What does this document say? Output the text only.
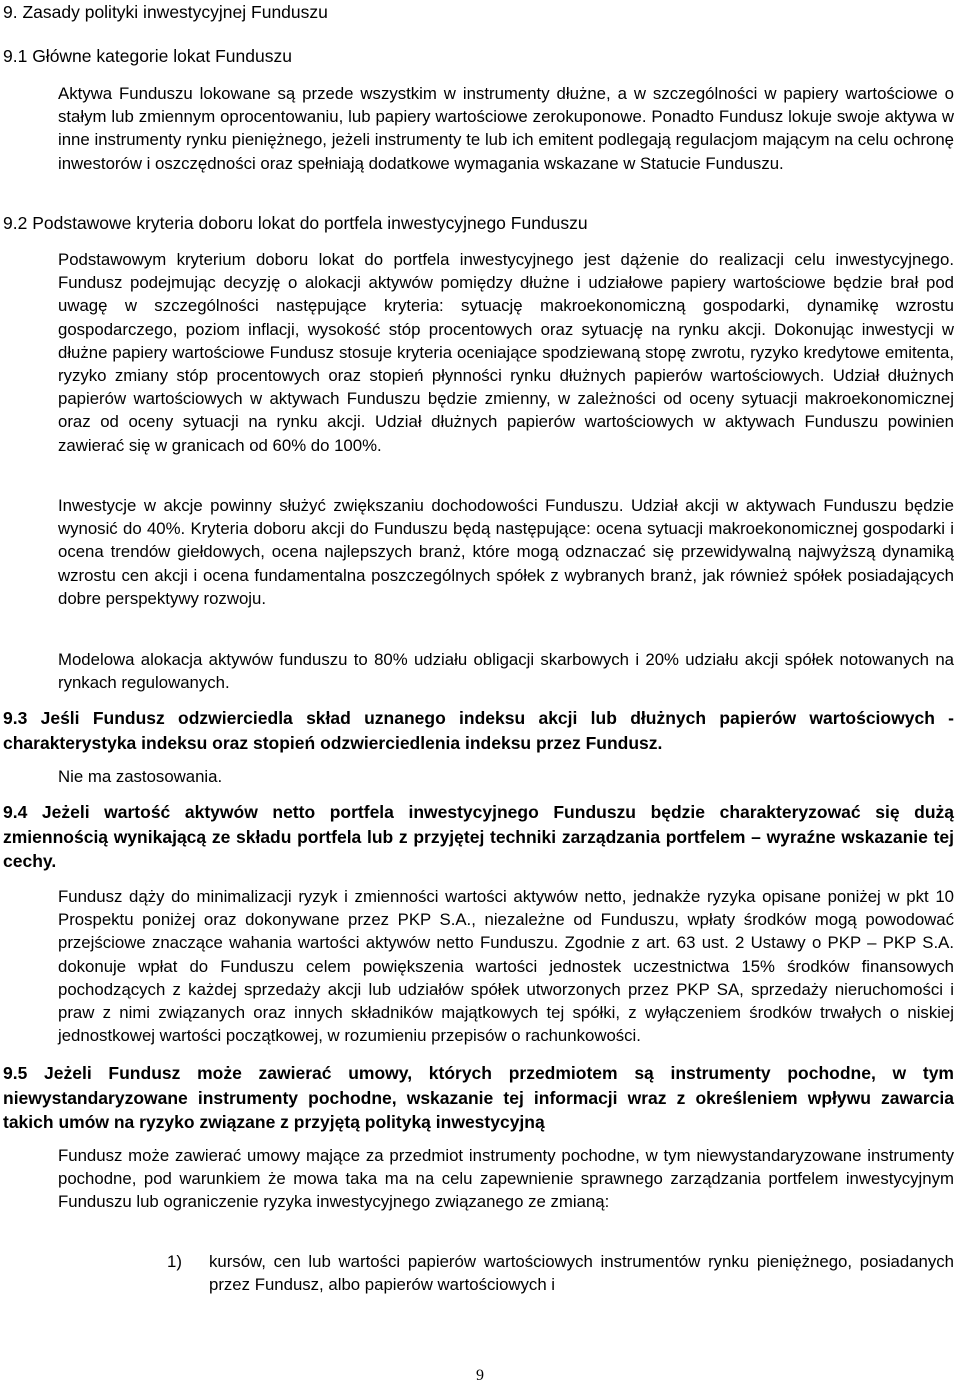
9. Zasady polityki inwestycyjnej Funduszu
9.1 Główne kategorie lokat Funduszu
Aktywa Funduszu lokowane są przede wszystkim w instrumenty dłużne, a w szczególności w papiery wartościowe o stałym lub zmiennym oprocentowaniu, lub papiery wartościowe zerokuponowe. Ponadto Fundusz lokuje swoje aktywa w inne instrumenty rynku pieniężnego, jeżeli instrumenty te lub ich emitent podlegają regulacjom mającym na celu ochronę inwestorów i oszczędności oraz spełniają dodatkowe wymagania wskazane w Statucie Funduszu.
9.2 Podstawowe kryteria doboru lokat do portfela inwestycyjnego Funduszu
Podstawowym kryterium doboru lokat do portfela inwestycyjnego jest dążenie do realizacji celu inwestycyjnego. Fundusz podejmując decyzję o alokacji aktywów pomiędzy dłużne i udziałowe papiery wartościowe będzie brał pod uwagę w szczególności następujące kryteria: sytuację makroekonomiczną gospodarki, dynamikę wzrostu gospodarczego, poziom inflacji, wysokość stóp procentowych oraz sytuację na rynku akcji. Dokonując inwestycji w dłużne papiery wartościowe Fundusz stosuje kryteria oceniające spodziewaną stopę zwrotu, ryzyko kredytowe emitenta, ryzyko zmiany stóp procentowych oraz stopień płynności rynku dłużnych papierów wartościowych. Udział dłużnych papierów wartościowych w aktywach Funduszu będzie zmienny, w zależności od oceny sytuacji makroekonomicznej oraz od oceny sytuacji na rynku akcji. Udział dłużnych papierów wartościowych w aktywach Funduszu powinien zawierać się w granicach od 60% do 100%.
Inwestycje w akcje powinny służyć zwiększaniu dochodowości Funduszu. Udział akcji w aktywach Funduszu będzie wynosić do 40%. Kryteria doboru akcji do Funduszu będą następujące: ocena sytuacji makroekonomicznej gospodarki i ocena trendów giełdowych, ocena najlepszych branż, które mogą odznaczać się przewidywalną najwyższą dynamiką wzrostu cen akcji i ocena fundamentalna poszczególnych spółek z wybranych branż, jak również spółek posiadających dobre perspektywy rozwoju.
Modelowa alokacja aktywów funduszu to 80% udziału obligacji skarbowych i 20% udziału akcji spółek notowanych na rynkach regulowanych.
9.3 Jeśli Fundusz odzwierciedla skład uznanego indeksu akcji lub dłużnych papierów wartościowych - charakterystyka indeksu oraz stopień odzwierciedlenia indeksu przez Fundusz.
Nie ma zastosowania.
9.4 Jeżeli wartość aktywów netto portfela inwestycyjnego Funduszu będzie charakteryzować się dużą zmiennością wynikającą ze składu portfela lub z przyjętej techniki zarządzania portfelem – wyraźne wskazanie tej cechy.
Fundusz dąży do minimalizacji ryzyk i zmienności wartości aktywów netto, jednakże ryzyka opisane poniżej w pkt 10 Prospektu poniżej oraz dokonywane przez PKP S.A., niezależne od Funduszu, wpłaty środków mogą powodować przejściowe znaczące wahania wartości aktywów netto Funduszu. Zgodnie z art. 63 ust. 2 Ustawy o PKP – PKP S.A. dokonuje wpłat do Funduszu celem powiększenia wartości jednostek uczestnictwa 15% środków finansowych pochodzących z każdej sprzedaży akcji lub udziałów spółek utworzonych przez PKP SA, sprzedaży nieruchomości i praw z nimi związanych oraz innych składników majątkowych tej spółki, z wyłączeniem środków trwałych o niskiej jednostkowej wartości początkowej, w rozumieniu przepisów o rachunkowości.
9.5 Jeżeli Fundusz może zawierać umowy, których przedmiotem są instrumenty pochodne, w tym niewystandaryzowane instrumenty pochodne, wskazanie tej informacji wraz z określeniem wpływu zawarcia takich umów na ryzyko związane z przyjętą polityką inwestycyjną
Fundusz może zawierać umowy mające za przedmiot instrumenty pochodne, w tym niewystandaryzowane instrumenty pochodne, pod warunkiem że mowa taka ma na celu zapewnienie sprawnego zarządzania portfelem inwestycyjnym Funduszu lub ograniczenie ryzyka inwestycyjnego związanego ze zmianą:
1) kursów, cen lub wartości papierów wartościowych instrumentów rynku pieniężnego, posiadanych przez Fundusz, albo papierów wartościowych i
9
